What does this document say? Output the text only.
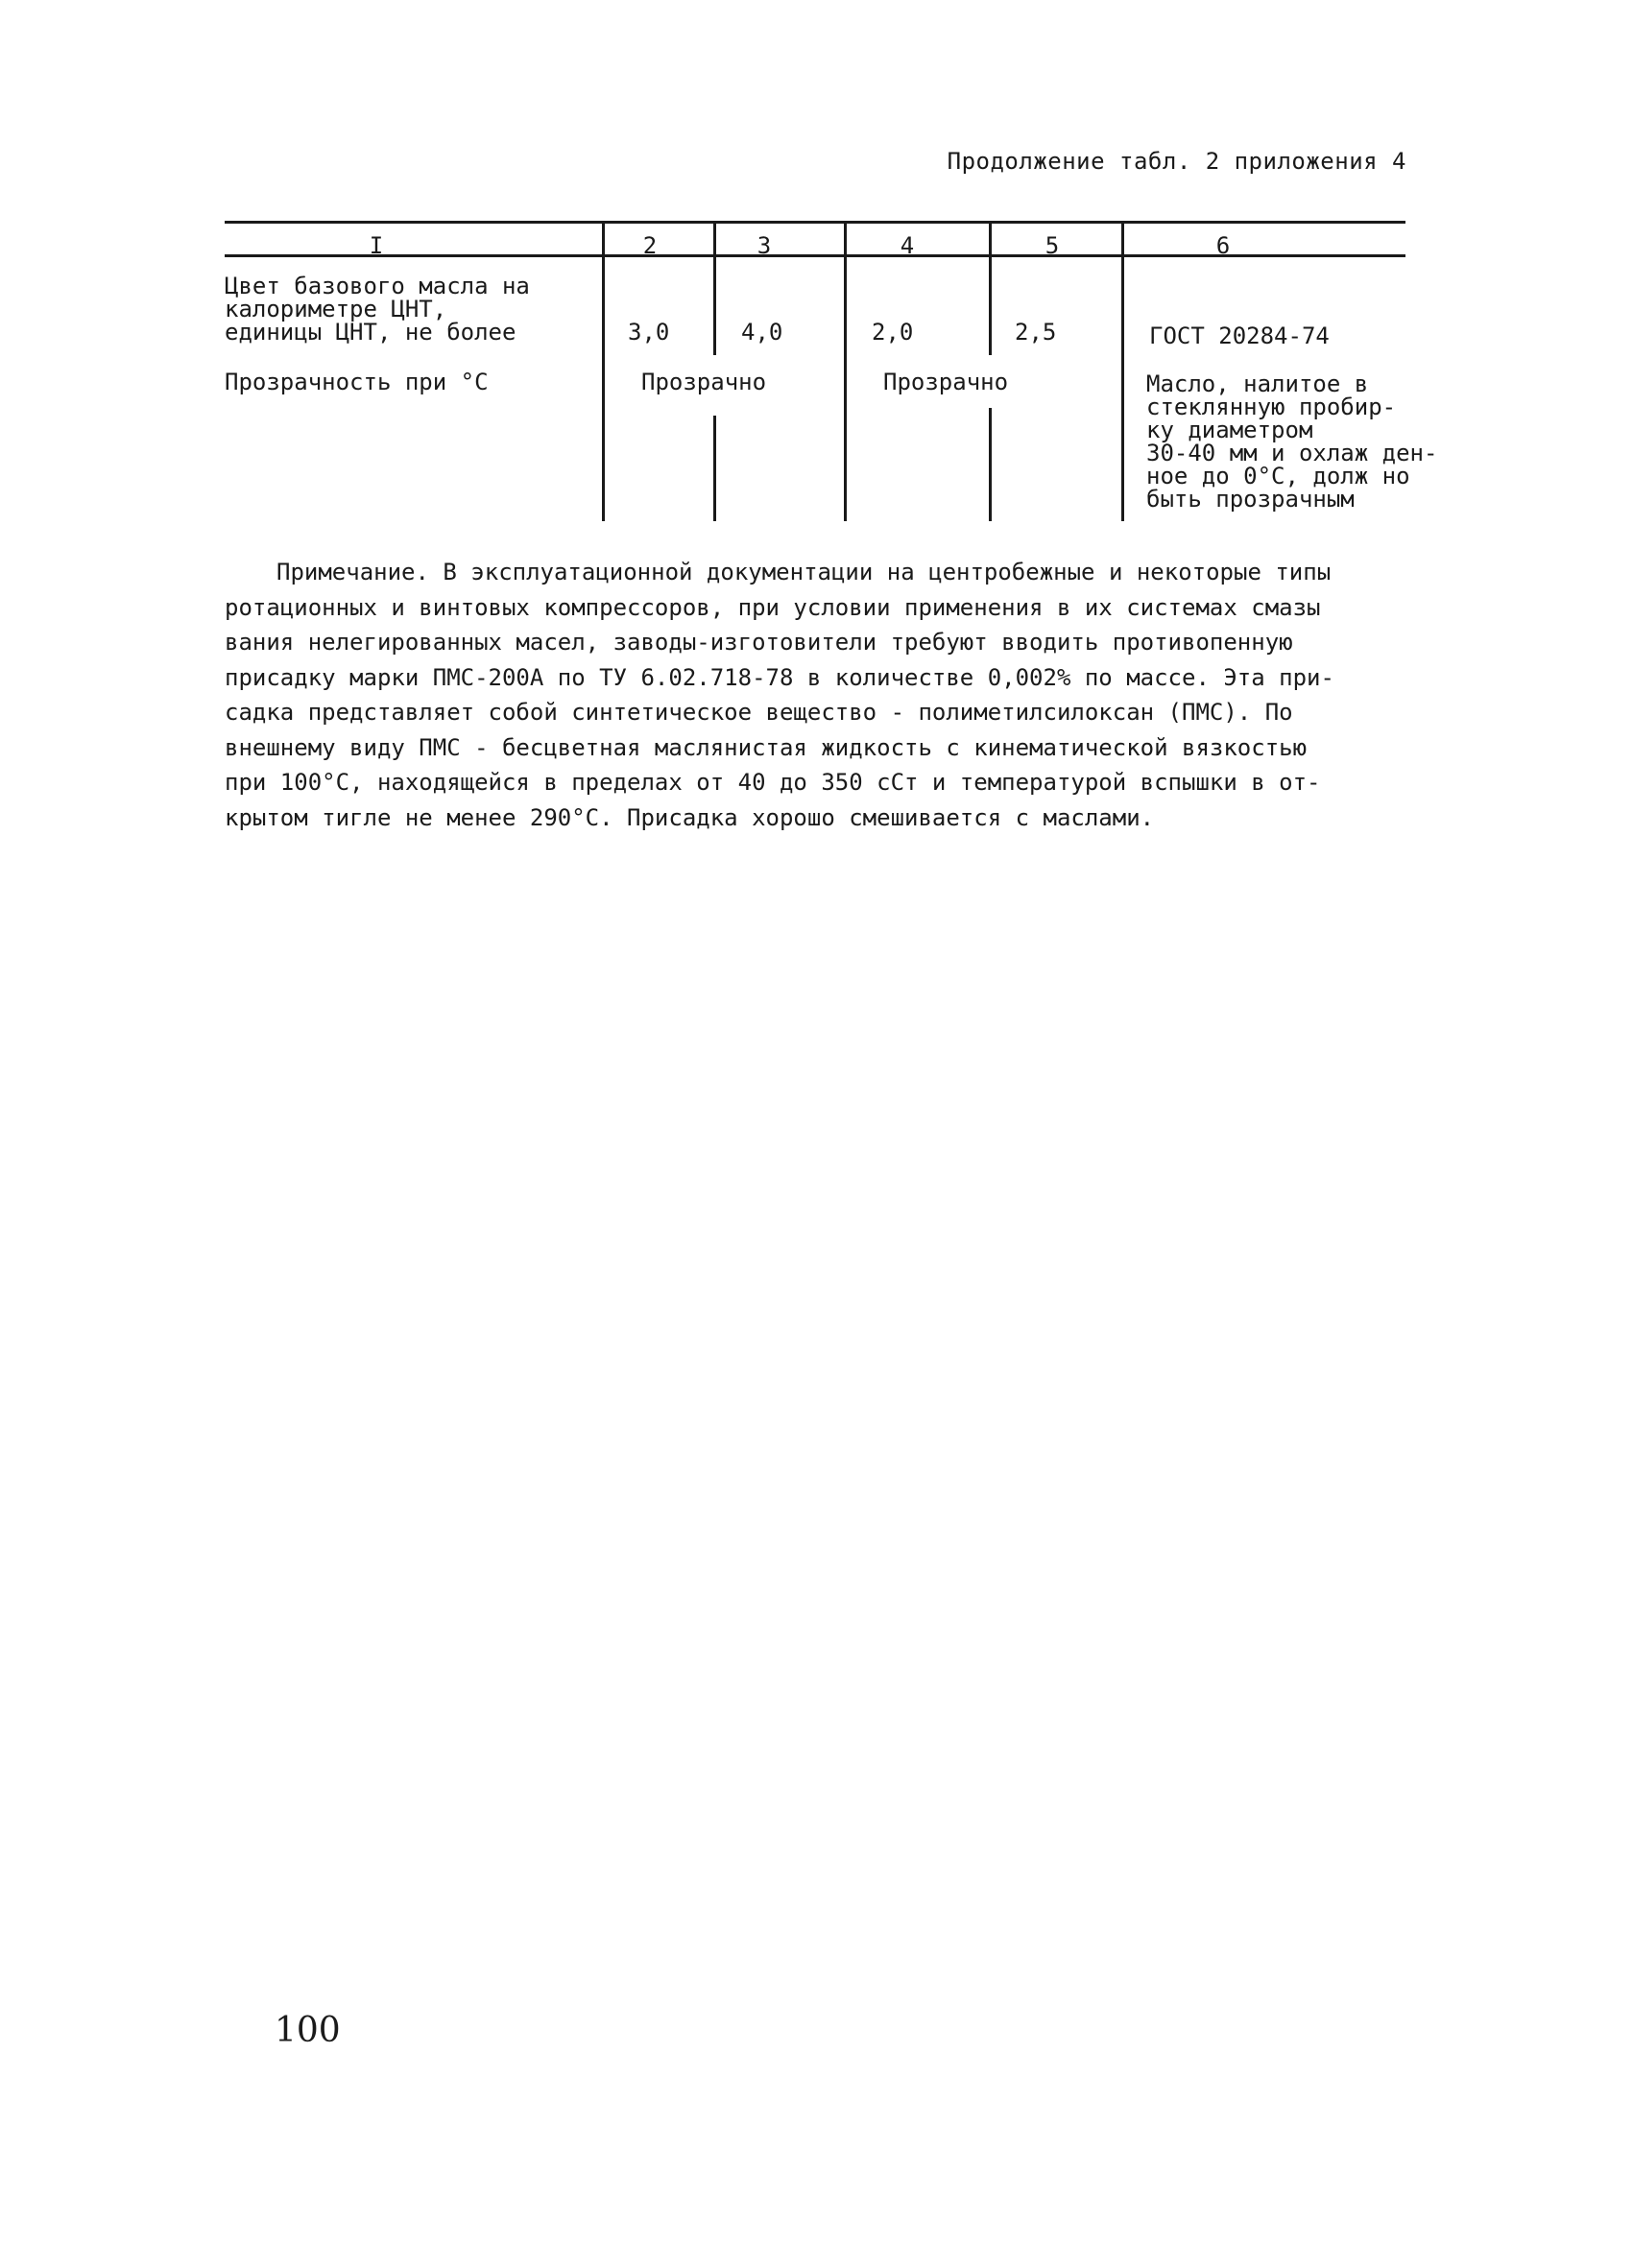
Продолжение табл. 2 приложения 4
I	2	3	4	5	6
Цвет базового масла на
калориметре ЦНТ,
единицы ЦНТ, не более	3,0	4,0	2,0	2,5	ГОСТ 20284-74
Прозрачность при °С	Прозрачно	Прозрачно	Масло, налитое в
стеклянную пробир-
ку диаметром
30-40 мм и охлаж ден-
ное до 0°С, долж но
быть прозрачным
Примечание. В эксплуатационной документации на центробежные и некоторые типы
ротационных и винтовых компрессоров, при условии применения в их системах смазы
вания нелегированных масел, заводы-изготовители требуют вводить противопенную
присадку марки ПМС-200А по ТУ 6.02.718-78 в количестве 0,002% по массе. Эта при-
садка представляет собой синтетическое вещество - полиметилсилоксан (ПМС). По
внешнему виду ПМС - бесцветная маслянистая жидкость с кинематической вязкостью
при 100°С, находящейся в пределах от 40 до 350 сСт и температурой вспышки в от-
крытом тигле не менее 290°С. Присадка хорошо смешивается с маслами.
100
